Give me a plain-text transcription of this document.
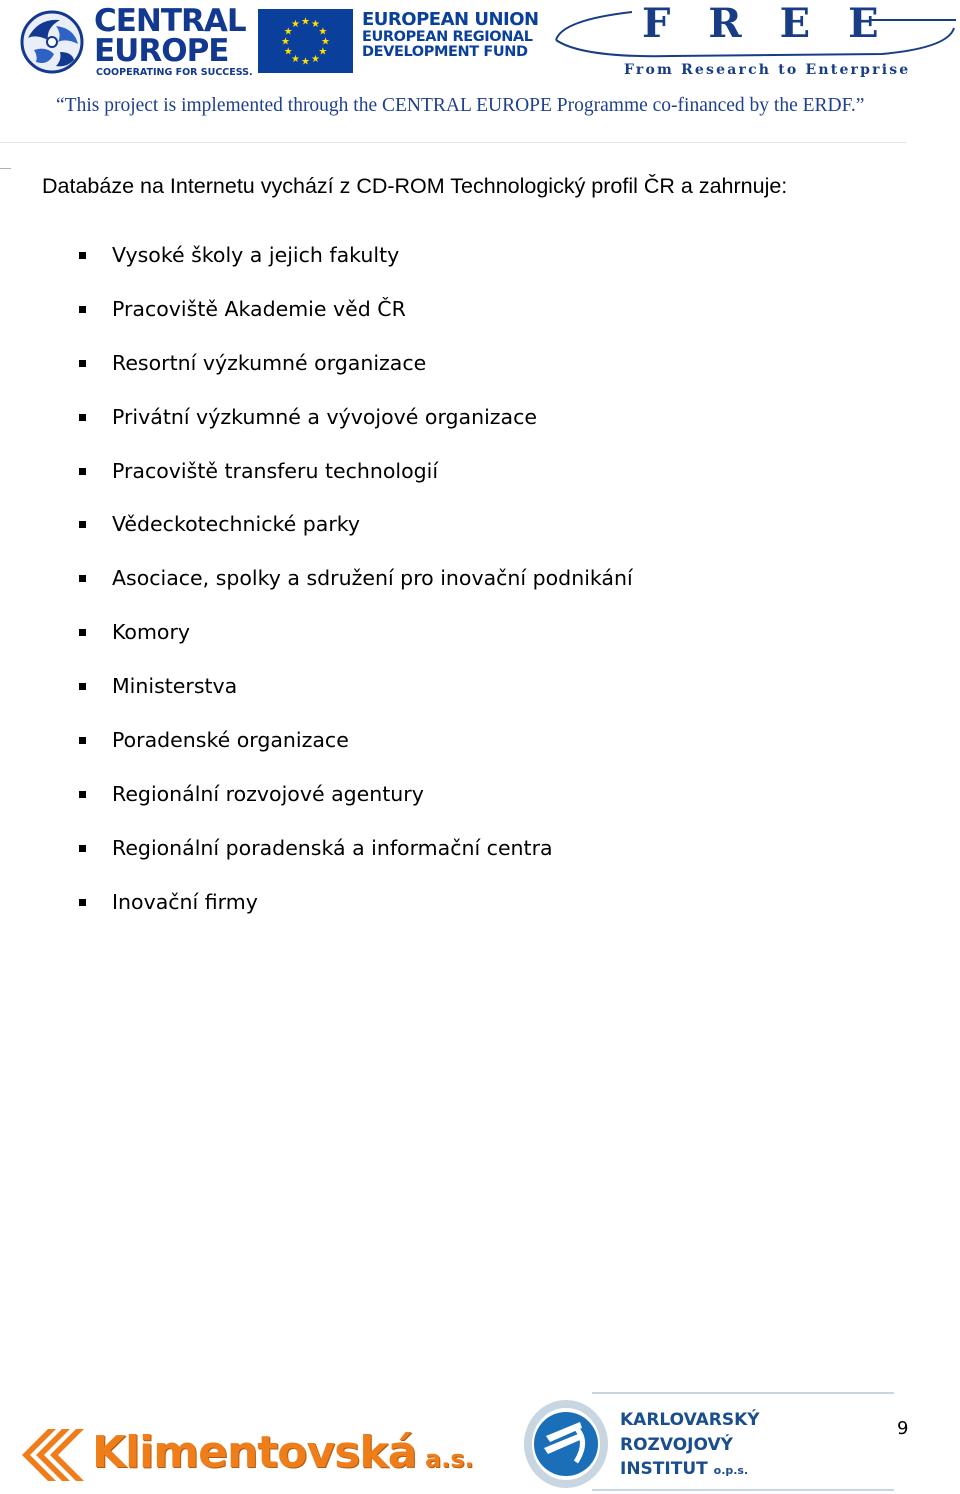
CENTRAL
EUROPE
COOPERATING FOR SUCCESS.
★ ★
★
★
★
★
★
★
★
★
★
★	EUROPEAN UNION
EUROPEAN REGIONAL
DEVELOPMENT FUND
FREE
From Research to Enterprise
“This project is implemented through the CENTRAL EUROPE Programme co-financed by the ERDF.”
Databáze na Internetu vychází z CD-ROM Technologický profil ČR a zahrnuje:
Vysoké školy a jejich fakulty
Pracoviště Akademie věd ČR
Resortní výzkumné organizace
Privátní výzkumné a vývojové organizace
Pracoviště transferu technologií
Vědeckotechnické parky
Asociace, spolky a sdružení pro inovační podnikání
Komory
Ministerstva
Poradenské organizace
Regionální rozvojové agentury
Regionální poradenská a informační centra
Inovační firmy
Klimentovská a.s.
KARLOVARSKÝ
ROZVOJOVÝ
INSTITUT o.p.s.
9
